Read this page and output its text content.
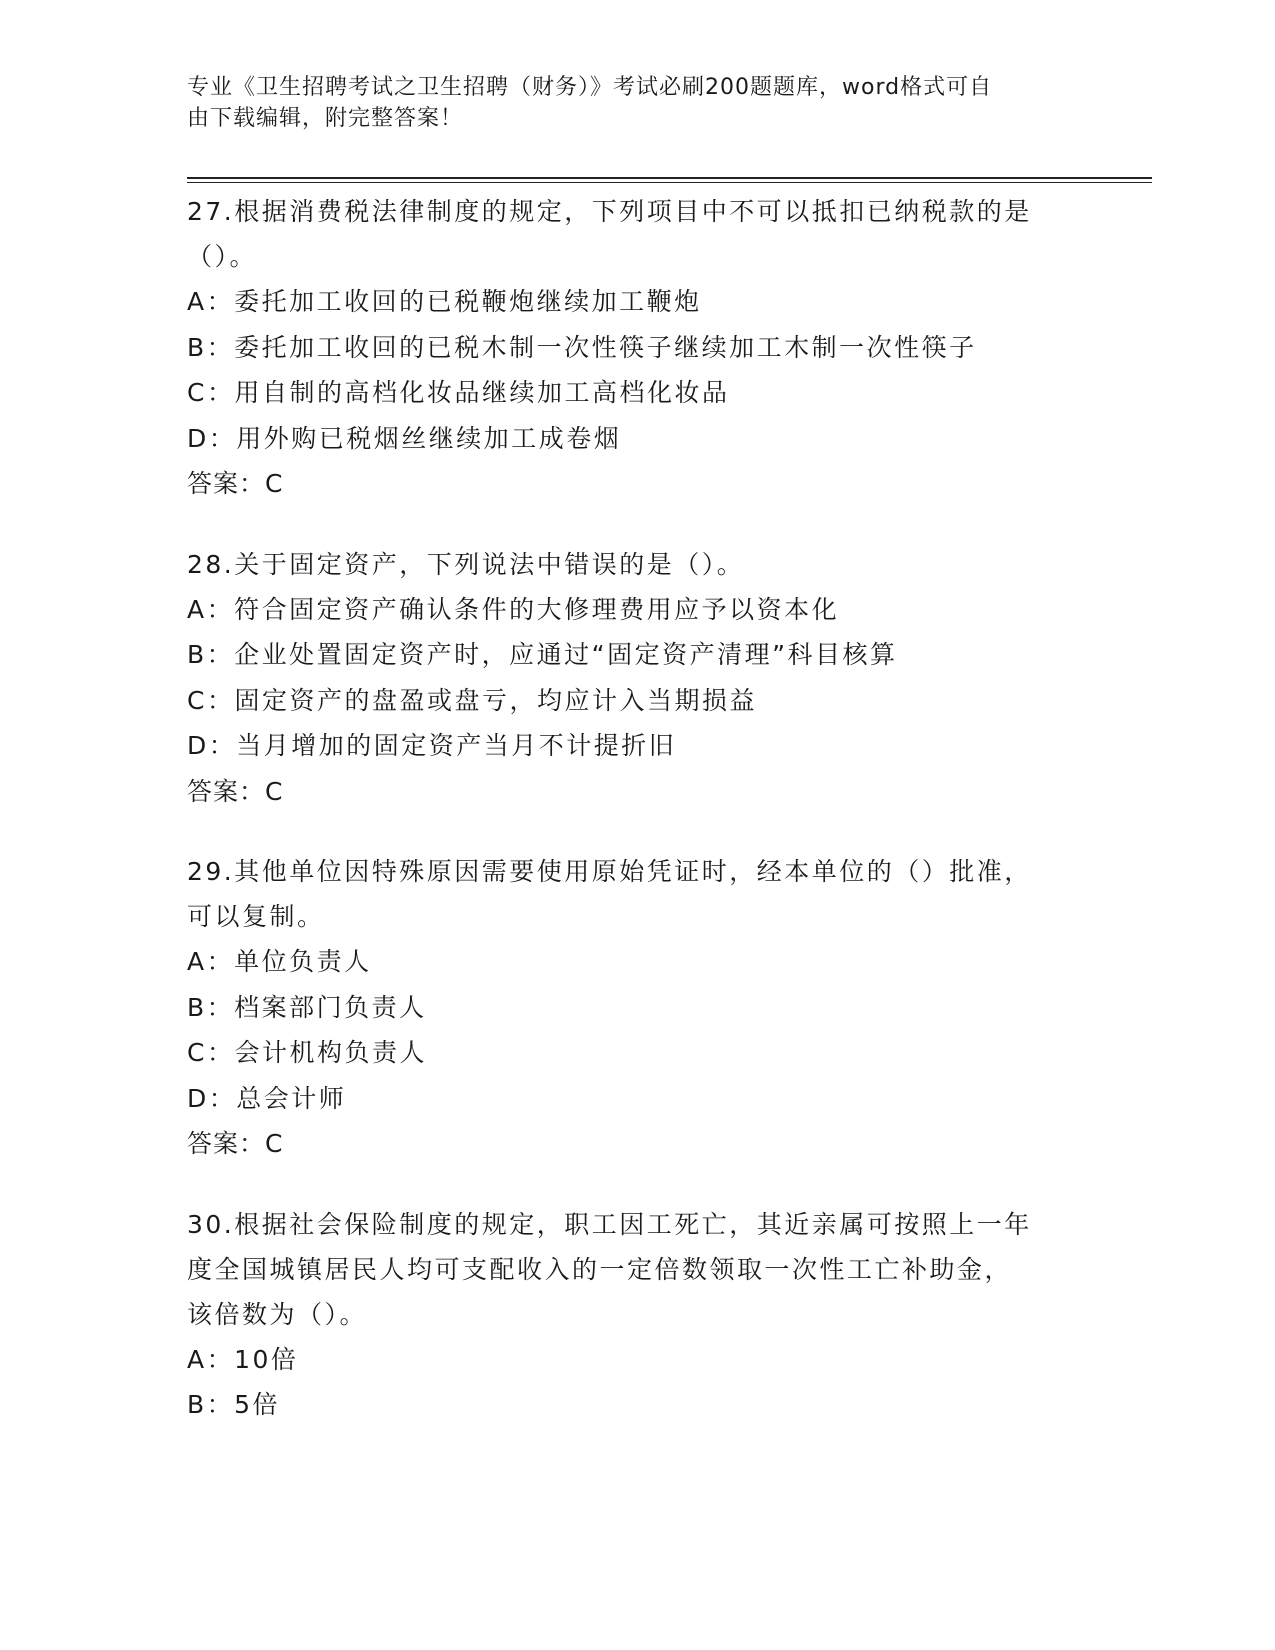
专业《卫生招聘考试之卫生招聘（财务）》考试必刷200题题库，word格式可自
由下载编辑，附完整答案！
27.根据消费税法律制度的规定，下列项目中不可以抵扣已纳税款的是
（）。
A：委托加工收回的已税鞭炮继续加工鞭炮
B：委托加工收回的已税木制一次性筷子继续加工木制一次性筷子
C：用自制的高档化妆品继续加工高档化妆品
D：用外购已税烟丝继续加工成卷烟
答案：C
28.关于固定资产，下列说法中错误的是（）。
A：符合固定资产确认条件的大修理费用应予以资本化
B：企业处置固定资产时，应通过“固定资产清理”科目核算
C：固定资产的盘盈或盘亏，均应计入当期损益
D：当月增加的固定资产当月不计提折旧
答案：C
29.其他单位因特殊原因需要使用原始凭证时，经本单位的（）批准，
可以复制。
A：单位负责人
B：档案部门负责人
C：会计机构负责人
D：总会计师
答案：C
30.根据社会保险制度的规定，职工因工死亡，其近亲属可按照上一年
度全国城镇居民人均可支配收入的一定倍数领取一次性工亡补助金，
该倍数为（）。
A：10倍
B：5倍
